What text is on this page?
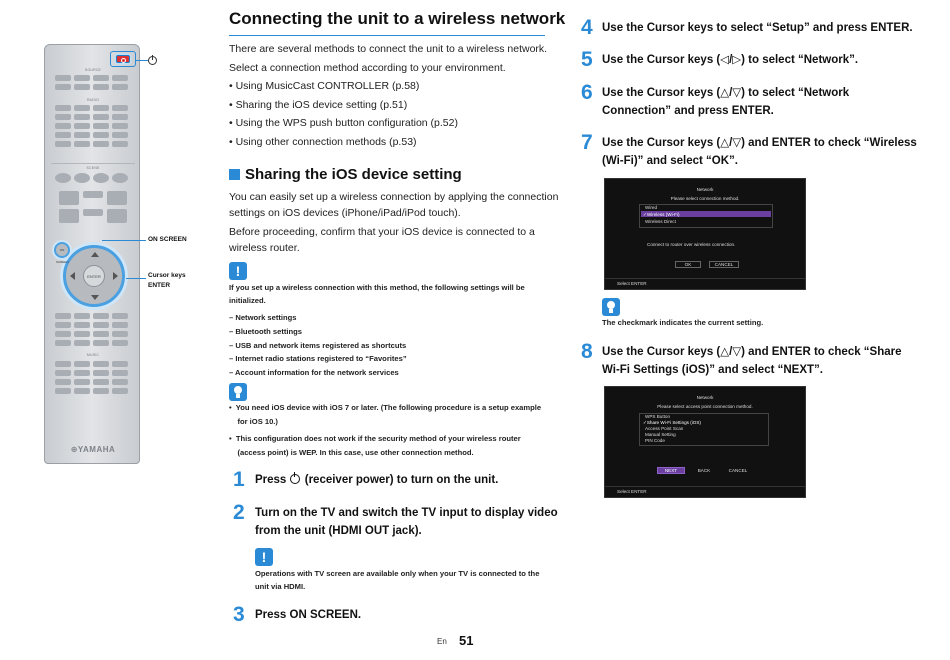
SOURCE
RADIO
SCENE
ENTER
ON SCREEN
MUSIC
⊕YAMAHA
ON SCREEN
Cursor keys
ENTER
Connecting the unit to a wireless network
There are several methods to connect the unit to a wireless network.
Select a connection method according to your environment.
• Using MusicCast CONTROLLER (p.58)
• Sharing the iOS device setting (p.51)
• Using the WPS push button configuration (p.52)
• Using other connection methods (p.53)
Sharing the iOS device setting
You can easily set up a wireless connection by applying the connection
settings on iOS devices (iPhone/iPad/iPod touch).
Before proceeding, confirm that your iOS device is connected to a
wireless router.
!
If you set up a wireless connection with this method, the following settings will be
initialized.
– Network settings
– Bluetooth settings
– USB and network items registered as shortcuts
– Internet radio stations registered to “Favorites”
– Account information for the network services
•  You need iOS device with iOS 7 or later. (The following procedure is a setup example
for iOS 10.)
•  This configuration does not work if the security method of your wireless router
(access point) is WEP. In this case, use other connection method.
1 Press (receiver power) to turn on the unit.
2 Turn on the TV and switch the TV input to display video
from the unit (HDMI OUT jack).
!
Operations with TV screen are available only when your TV is connected to the
unit via HDMI.
3 Press ON SCREEN.
4 Use the Cursor keys to select “Setup” and press ENTER.
5 Use the Cursor keys (◁/▷) to select “Network”.
6 Use the Cursor keys (△/▽) to select “Network
Connection” and press ENTER.
7 Use the Cursor keys (△/▽) and ENTER to check “Wireless
(Wi-Fi)” and select “OK”.
Network
Please select connection method.
Wired
✓Wireless (Wi-Fi)
Wireless Direct
Connect to router over wireless connection.
OK	CANCEL
Select ENTER
The checkmark indicates the current setting.
8 Use the Cursor keys (△/▽) and ENTER to check “Share
Wi-Fi Settings (iOS)” and select “NEXT”.
Network
Please select access point connection method.
WPS Button
✓Share Wi-Fi Settings (iOS)
Access Point Scan
Manual Setting
PIN Code
NEXT	BACK	CANCEL
Select ENTER
En 51
